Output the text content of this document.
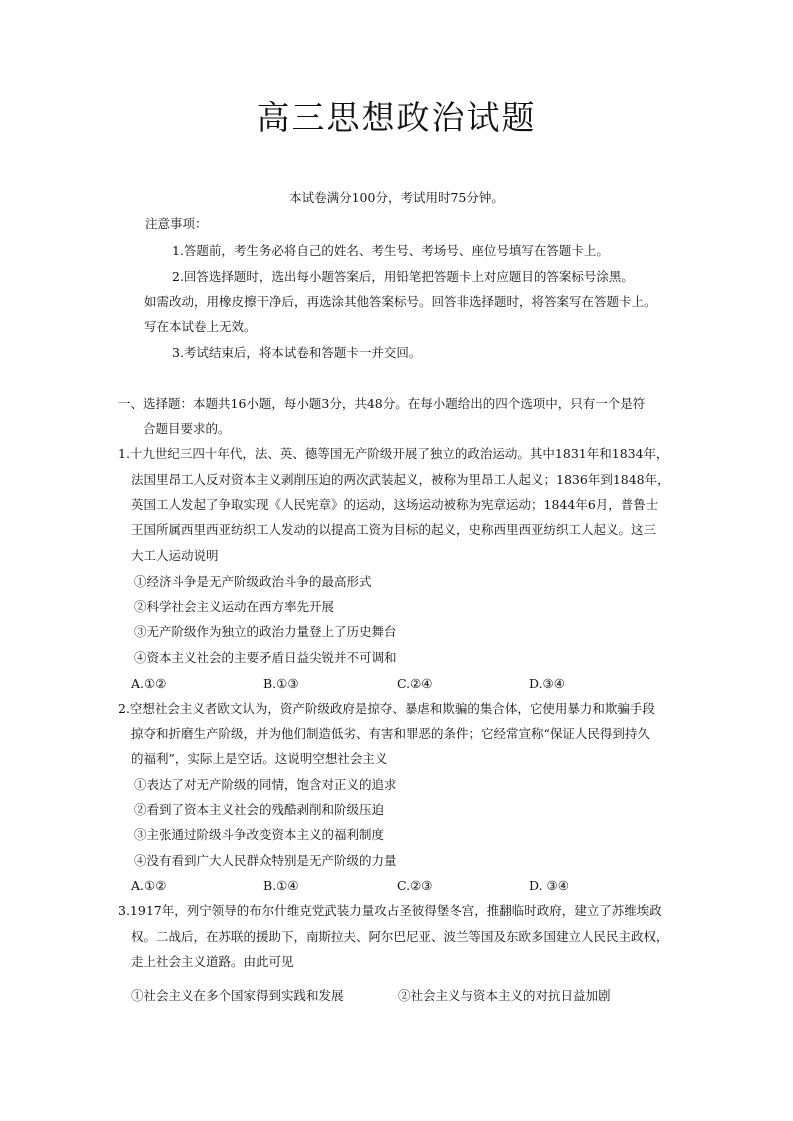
高三思想政治试题
本试卷满分100分，考试用时75分钟。
注意事项：
1.答题前，考生务必将自己的姓名、考生号、考场号、座位号填写在答题卡上。
2.回答选择题时，选出每小题答案后，用铅笔把答题卡上对应题目的答案标号涂黑。
如需改动，用橡皮擦干净后，再选涂其他答案标号。回答非选择题时，将答案写在答题卡上。
写在本试卷上无效。
3.考试结束后，将本试卷和答题卡一并交回。
一、选择题：本题共16小题，每小题3分，共48分。在每小题给出的四个选项中，只有一个是符
合题目要求的。
1.十九世纪三四十年代，法、英、德等国无产阶级开展了独立的政治运动。其中1831年和1834年，
法国里昂工人反对资本主义剥削压迫的两次武装起义，被称为里昂工人起义；1836年到1848年，
英国工人发起了争取实现《人民宪章》的运动，这场运动被称为宪章运动；1844年6月，普鲁士
王国所属西里西亚纺织工人发动的以提高工资为目标的起义，史称西里西亚纺织工人起义。这三
大工人运动说明
①经济斗争是无产阶级政治斗争的最高形式
②科学社会主义运动在西方率先开展
③无产阶级作为独立的政治力量登上了历史舞台
④资本主义社会的主要矛盾日益尖锐并不可调和
A.①②	B.①③	C.②④	D.③④
2.空想社会主义者欧文认为，资产阶级政府是掠夺、暴虐和欺骗的集合体，它使用暴力和欺骗手段
掠夺和折磨生产阶级，并为他们制造低劣、有害和罪恶的条件；它经常宣称“保证人民得到持久
的福利”，实际上是空话。这说明空想社会主义
①表达了对无产阶级的同情，饱含对正义的追求
②看到了资本主义社会的残酷剥削和阶级压迫
③主张通过阶级斗争改变资本主义的福利制度
④没有看到广大人民群众特别是无产阶级的力量
A.①②	B.①④	C.②③	D. ③④
3.1917年，列宁领导的布尔什维克党武装力量攻占圣彼得堡冬宫，推翻临时政府，建立了苏维埃政
权。二战后，在苏联的援助下，南斯拉夫、阿尔巴尼亚、波兰等国及东欧多国建立人民民主政权，
走上社会主义道路。由此可见
①社会主义在多个国家得到实践和发展	②社会主义与资本主义的对抗日益加剧
